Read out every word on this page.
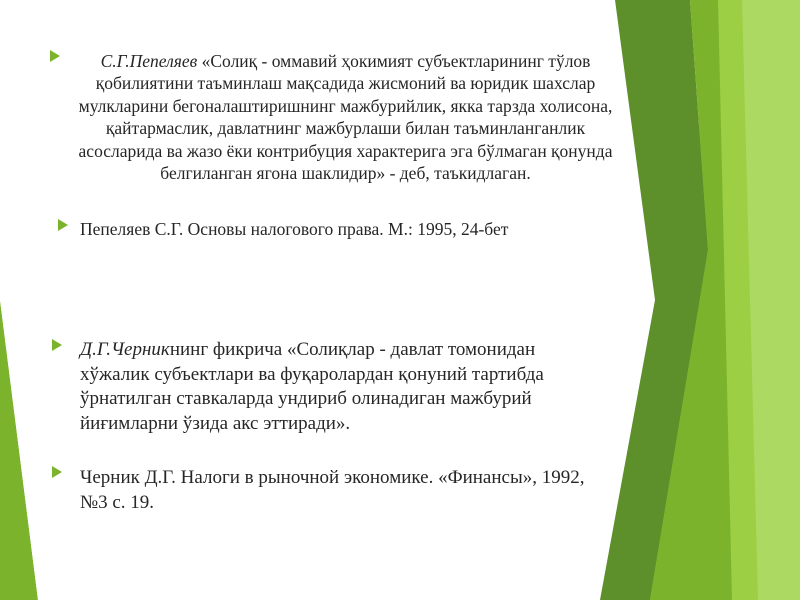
С.Г.Пепеляев «Солиқ - оммавий ҳокимият субъектларининг тўлов қобилиятини таъминлаш мақсадида жисмоний ва юридик шахслар мулкларини бегоналаштиришнинг мажбурийлик, якка тарзда холисона, қайтармаслик, давлатнинг мажбурлаши билан таъминланганлик асосларида ва жазо ёки контрибуция характерига эга бўлмаган қонунда белгиланган ягона шаклидир» - деб, таъкидлаган.
Пепеляев С.Г. Основы налогового права. М.: 1995, 24-бет
Д.Г.Черникнинг фикрича «Солиқлар - давлат томонидан хўжалик субъектлари ва фуқаролардан қонуний тартибда ўрнатилган ставкаларда ундириб олинадиган мажбурий йиғимларни ўзида акс эттиради».
Черник Д.Г. Налоги в рыночной экономике. «Финансы», 1992, №3 с. 19.
